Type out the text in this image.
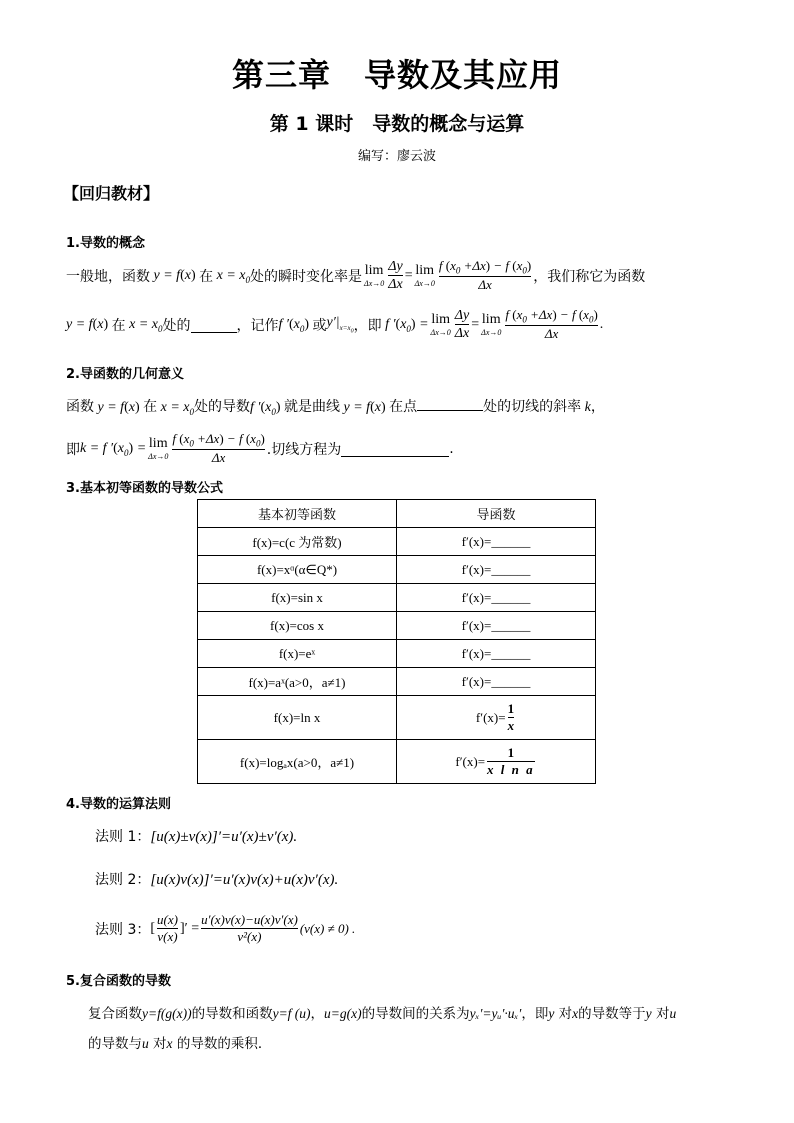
第三章　导数及其应用
第 1 课时　导数的概念与运算
编写：廖云波
【回归教材】
1.导数的概念
一般地，函数 y = f(x) 在 $x = x_0$ 处的瞬时变化率是 lim
$\Delta x\to 0 \frac{\Delta y}{\Delta x} = \lim$
$\Delta x\to 0 \frac{f (x_0 +\Delta x) - f (x_0)}{\Delta x}$ ，我们称它为函数
y = f(x) 在 $x = x_0$ 处的	，记作 f $'(x_0)$ 或 $y'|_{x=x_0}$ ，即 f $'(x_0) = \lim$
$\Delta x\to 0 \frac{\Delta y}{\Delta x} = \lim$
$\Delta x\to 0 \frac{f (x_0 +\Delta x) - f (x_0)}{\Delta x}$ .
2.导函数的几何意义
函数 y = f(x) 在 $x = x_0$处的导数f $'(x_0)$ 就是曲线 y = f(x) 在点	处的切线的斜率 k，
即 k = f $'(x_0) = \lim$
$\Delta x\to 0 \frac{f (x_0 +\Delta x) - f (x_0)}{\Delta x}$ .切线方程为	.
3.基本初等函数的导数公式
基本初等函数	导函数
f(x)=c(c 为常数)	f′(x)=______
f(x)=xᵅ(α∈Q*)	f′(x)=______
f(x)=sin x	f′(x)=______
f(x)=cos x	f′(x)=______
f(x)=eˣ	f′(x)=______
f(x)=aˣ(a>0，a≠1)	f′(x)=______
f(x)=ln x	$f'(x)= \frac{1}{x}$

f(x)=logₐx(a>0，a≠1)	$f'(x)= \frac{1}{\text{x l n a}}$
4.导数的运算法则
法则 1：[u(x)±v(x)]′=u′(x)±v′(x).
法则 2：[u(x)v(x)]′=u′(x)v(x)+u(x)v′(x).
法则 3： [ $\frac{u(x)}{v(x)}$ ]′ = $\frac{u'(x)v(x)-u(x)v'(x)}{\text{v²(x)}} (v(x) \ne 0)$ .
5.复合函数的导数
复合函数y=f(g(x))的导数和函数y=f (u)，u=g(x)的导数间的关系为yₓ′=yᵤ′·uₓ′，即y 对x的导数等于y 对u
的导数与u 对x 的导数的乘积．
